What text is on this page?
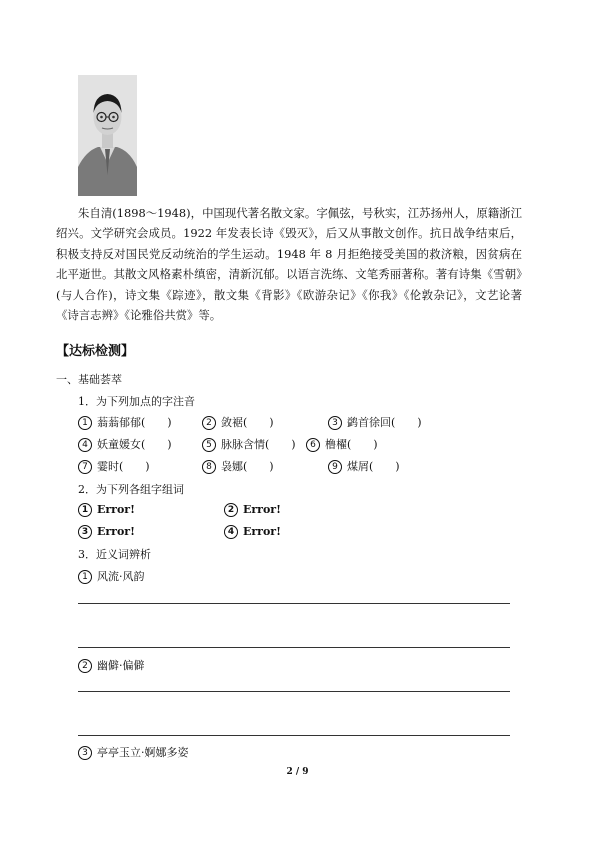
朱自清(1898～1948)，中国现代著名散文家。字佩弦，号秋实，江苏扬州人，原籍浙江绍兴。文学研究会成员。1922 年发表长诗《毁灭》，后又从事散文创作。抗日战争结束后，积极支持反对国民党反动统治的学生运动。1948 年 8 月拒绝接受美国的救济粮，因贫病在北平逝世。其散文风格素朴缜密，清新沉郁。以语言洗练、文笔秀丽著称。著有诗集《雪朝》(与人合作)，诗文集《踪迹》，散文集《背影》《欧游杂记》《你我》《伦敦杂记》，文艺论著《诗言志辨》《论雅俗共赏》等。

【达标检测】
一、基础荟萃
1．为下列加点的字注音
1 蓊蓊郁郁(　　)	2 敛裾(　　)	3 鹢首徐回(　　)
4 妖童媛女(　　)	5 脉脉含情(　　)	6 橹櫂(　　)
7 霎时(　　)	8 袅娜(　　)	9 煤屑(　　)
2．为下列各组字组词
1 Error!	2 Error!
3 Error!	4 Error!
3．近义词辨析
1 风流·风韵
2 幽僻·偏僻
3 亭亭玉立·婀娜多姿
2 / 9
